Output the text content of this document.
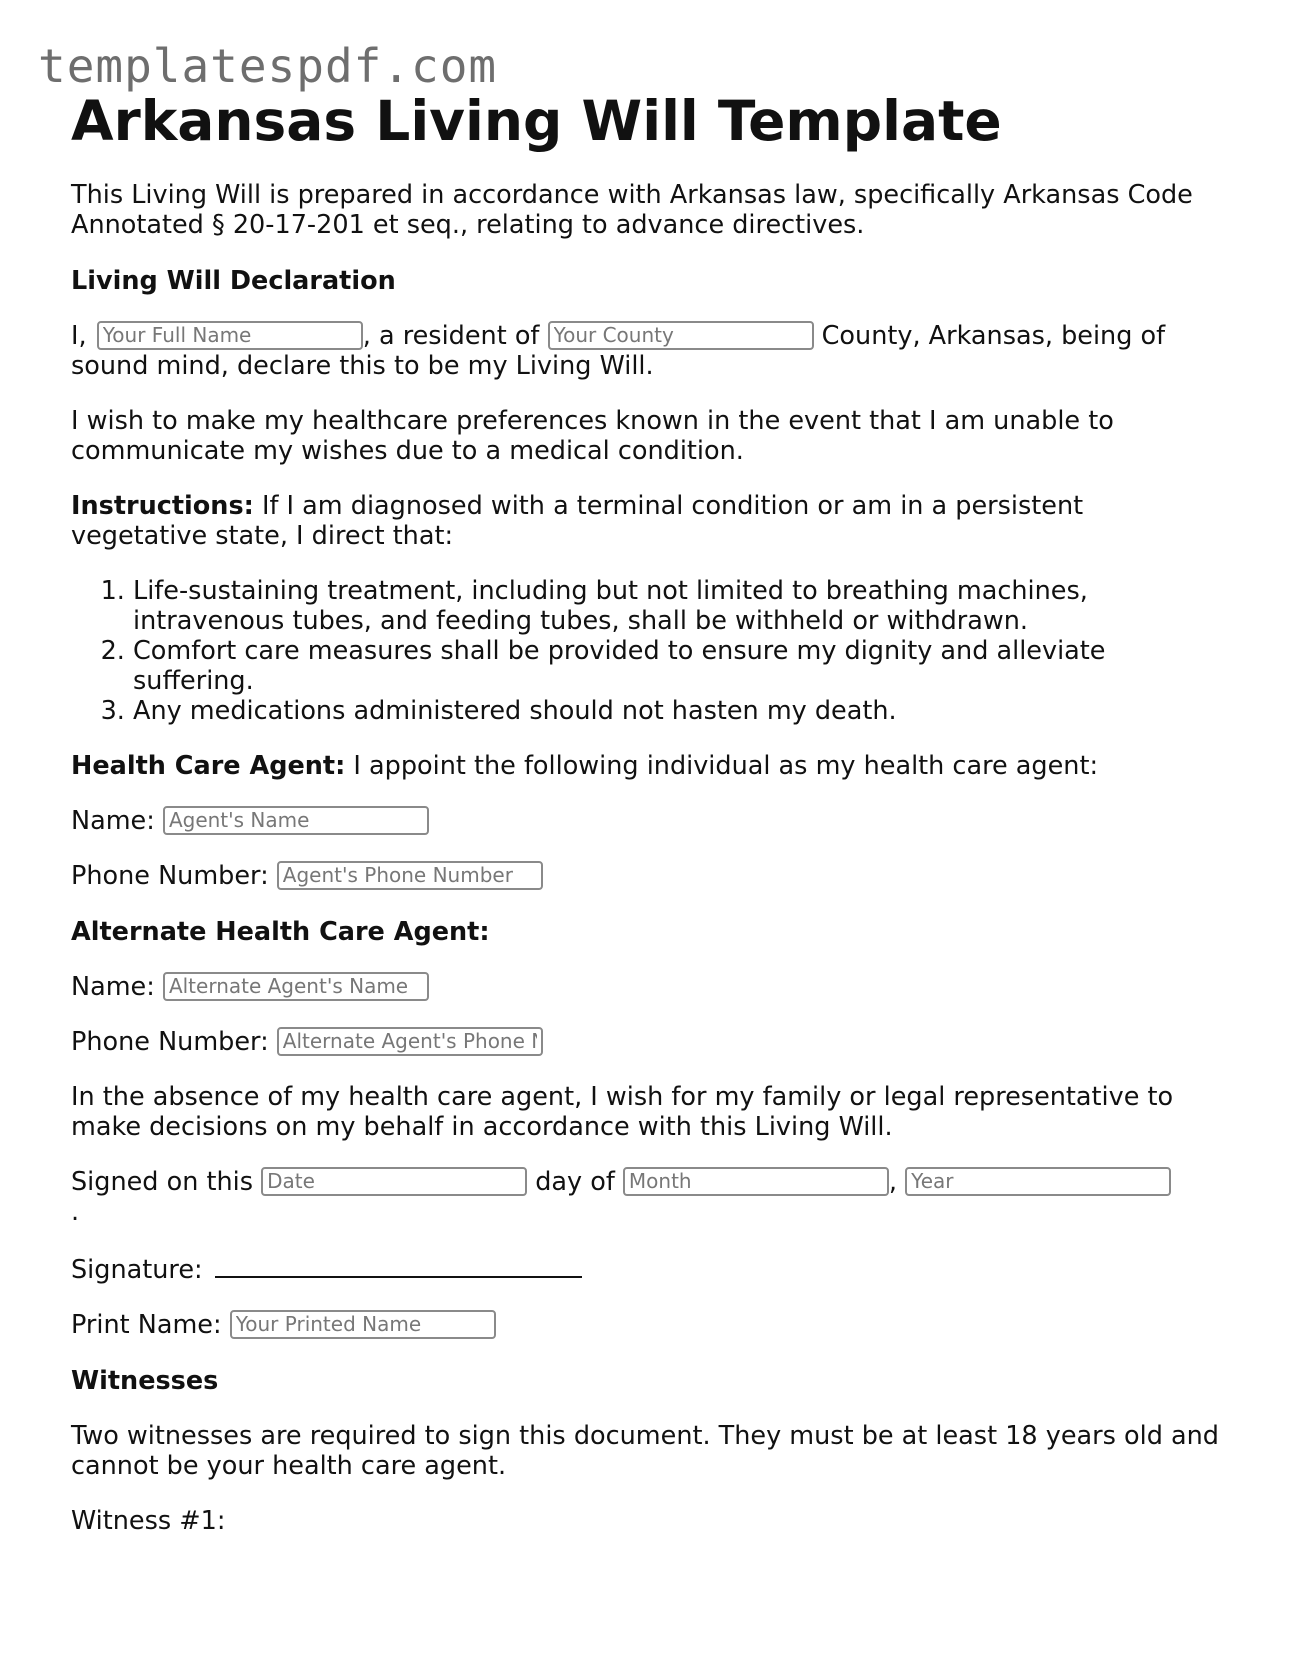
templatespdf.com
Arkansas Living Will Template

This Living Will is prepared in accordance with Arkansas law, specifically Arkansas Code Annotated § 20-17-201 et seq., relating to advance directives.

Living Will Declaration

I, Your Full Name	, a resident of Your County	County, Arkansas, being of sound mind, declare this to be my Living Will.

I wish to make my healthcare preferences known in the event that I am unable to communicate my wishes due to a medical condition.

Instructions: If I am diagnosed with a terminal condition or am in a persistent vegetative state, I direct that:

1. Life-sustaining treatment, including but not limited to breathing machines, intravenous tubes, and feeding tubes, shall be withheld or withdrawn.
2. Comfort care measures shall be provided to ensure my dignity and alleviate suffering.
3. Any medications administered should not hasten my death.

Health Care Agent: I appoint the following individual as my health care agent:

Name: Agent's Name

Phone Number: Agent's Phone Number

Alternate Health Care Agent:

Name: Alternate Agent's Name

Phone Number: Alternate Agent's Phone Number

In the absence of my health care agent, I wish for my family or legal representative to make decisions on my behalf in accordance with this Living Will.

Signed on this Date	day of Month	, Year
.

Signature:

Print Name: Your Printed Name

Witnesses

Two witnesses are required to sign this document. They must be at least 18 years old and cannot be your health care agent.

Witness #1:
